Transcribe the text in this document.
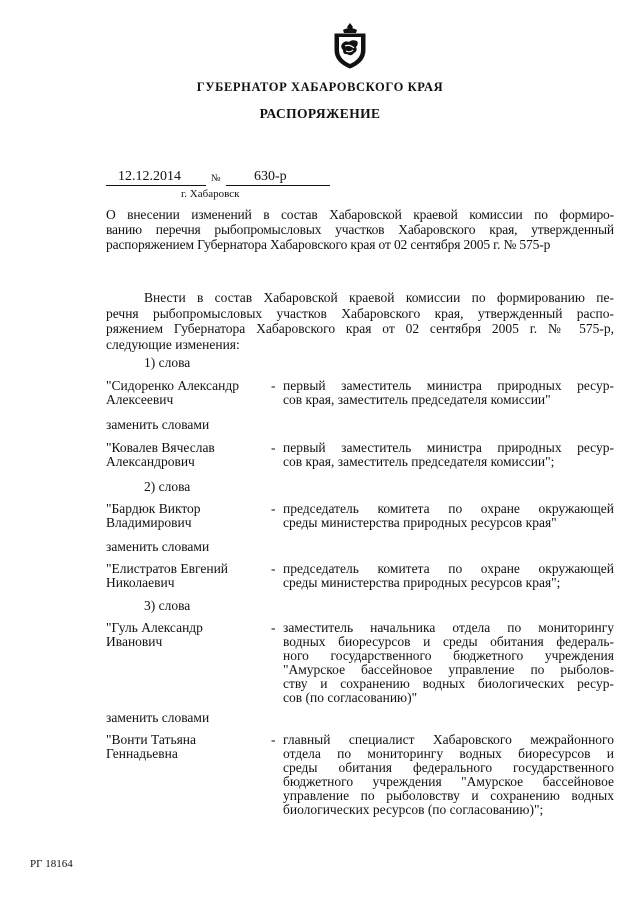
ГУБЕРНАТОР ХАБАРОВСКОГО КРАЯ
РАСПОРЯЖЕНИЕ
12.12.2014	№ 630-р
г. Хабаровск
О внесении изменений в состав Хабаровской краевой комиссии по формиро-
ванию перечня рыбопромысловых участков Хабаровского края, утвержденный
распоряжением Губернатора Хабаровского края от 02 сентября 2005 г. № 575-р
Внести в состав Хабаровской краевой комиссии по формированию пе-
речня рыбопромысловых участков Хабаровского края, утвержденный распо-
ряжением Губернатора Хабаровского края от 02 сентября 2005 г. № 575-р,
следующие изменения:
1) слова
"Сидоренко Александр
Алексеевич
- первый заместитель министра природных ресур-
сов края, заместитель председателя комиссии"
заменить словами
"Ковалев Вячеслав
Александрович
- первый заместитель министра природных ресур-
сов края, заместитель председателя комиссии";
2) слова
"Бардюк Виктор
Владимирович
- председатель комитета по охране окружающей
среды министерства природных ресурсов края"
заменить словами
"Елистратов Евгений
Николаевич
- председатель комитета по охране окружающей
среды министерства природных ресурсов края";
3) слова
"Гуль Александр
Иванович
- заместитель начальника отдела по мониторингу
водных биоресурсов и среды обитания федераль-
ного государственного бюджетного учреждения
"Амурское бассейновое управление по рыболов-
ству и сохранению водных биологических ресур-
сов (по согласованию)"
заменить словами
"Вонти Татьяна
Геннадьевна
- главный специалист Хабаровского межрайонного
отдела по мониторингу водных биоресурсов и
среды обитания федерального государственного
бюджетного учреждения "Амурское бассейновое
управление по рыболовству и сохранению водных
биологических ресурсов (по согласованию)";
РГ 18164
